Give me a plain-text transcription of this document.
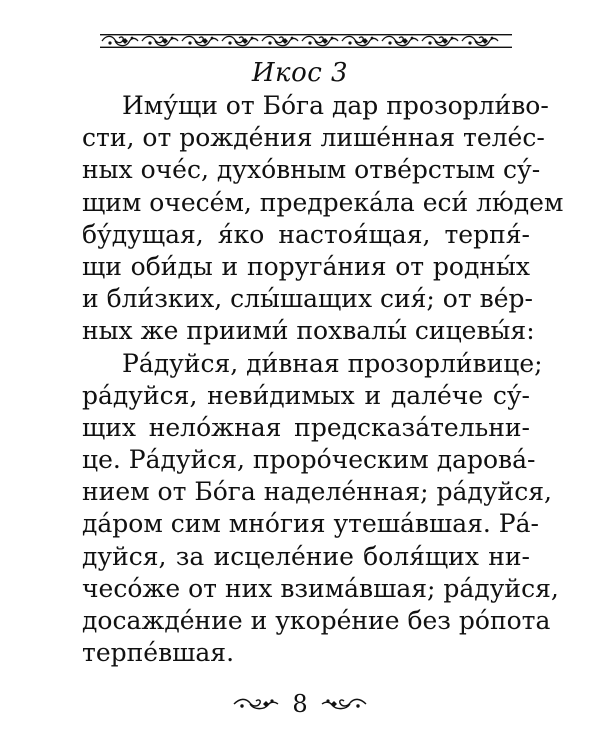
Икос 3
Иму́щи от Бо́га дар прозорли́во-
сти, от рожде́ния лише́нная теле́с-
ных оче́с, духо́вным отве́рстым су́-
щим очесе́м, предрека́ла еси́ лю́дем
бу́дущая, я́ко настоя́щая, терпя́-
щи оби́ды и поруга́ния от родны́х
и бли́зких, слы́шащих сия́; от ве́р-
ных же приими́ похвалы́ сицевы́я:
Ра́дуйся, ди́вная прозорли́вице;
ра́дуйся, неви́димых и дале́че су́-
щих нело́жная предсказа́тельни-
це. Ра́дуйся, проро́ческим дарова́-
нием от Бо́га наделе́нная; ра́дуйся,
да́ром сим мно́гия утеша́вшая. Ра́-
дуйся, за исцеле́ние боля́щих ни-
чесо́же от них взима́вшая; ра́дуйся,
досажде́ние и укоре́ние без ро́пота
терпе́вшая.
8
